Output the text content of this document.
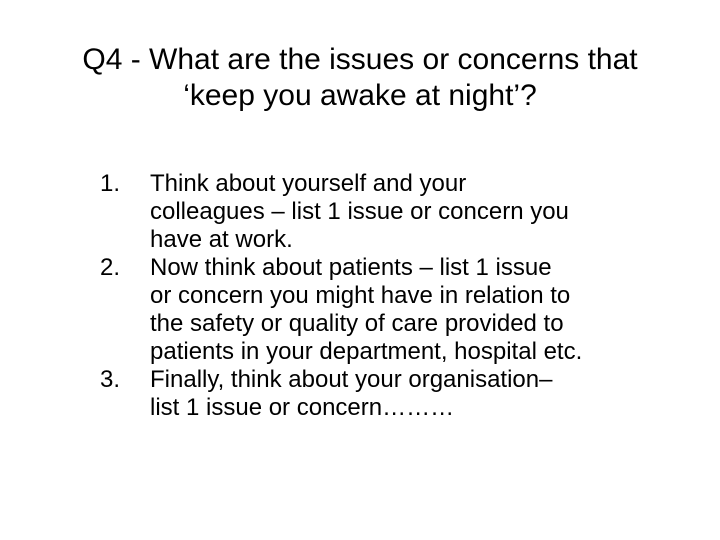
Q4 - What are the issues or concerns that
‘keep you awake at night’?
1. Think about yourself and your
colleagues – list 1 issue or concern you
have at work.
2. Now think about patients – list 1 issue
or concern you might have in relation to
the safety or quality of care provided to
patients in your department, hospital etc.
3. Finally, think about your organisation–
list 1 issue or concern………
